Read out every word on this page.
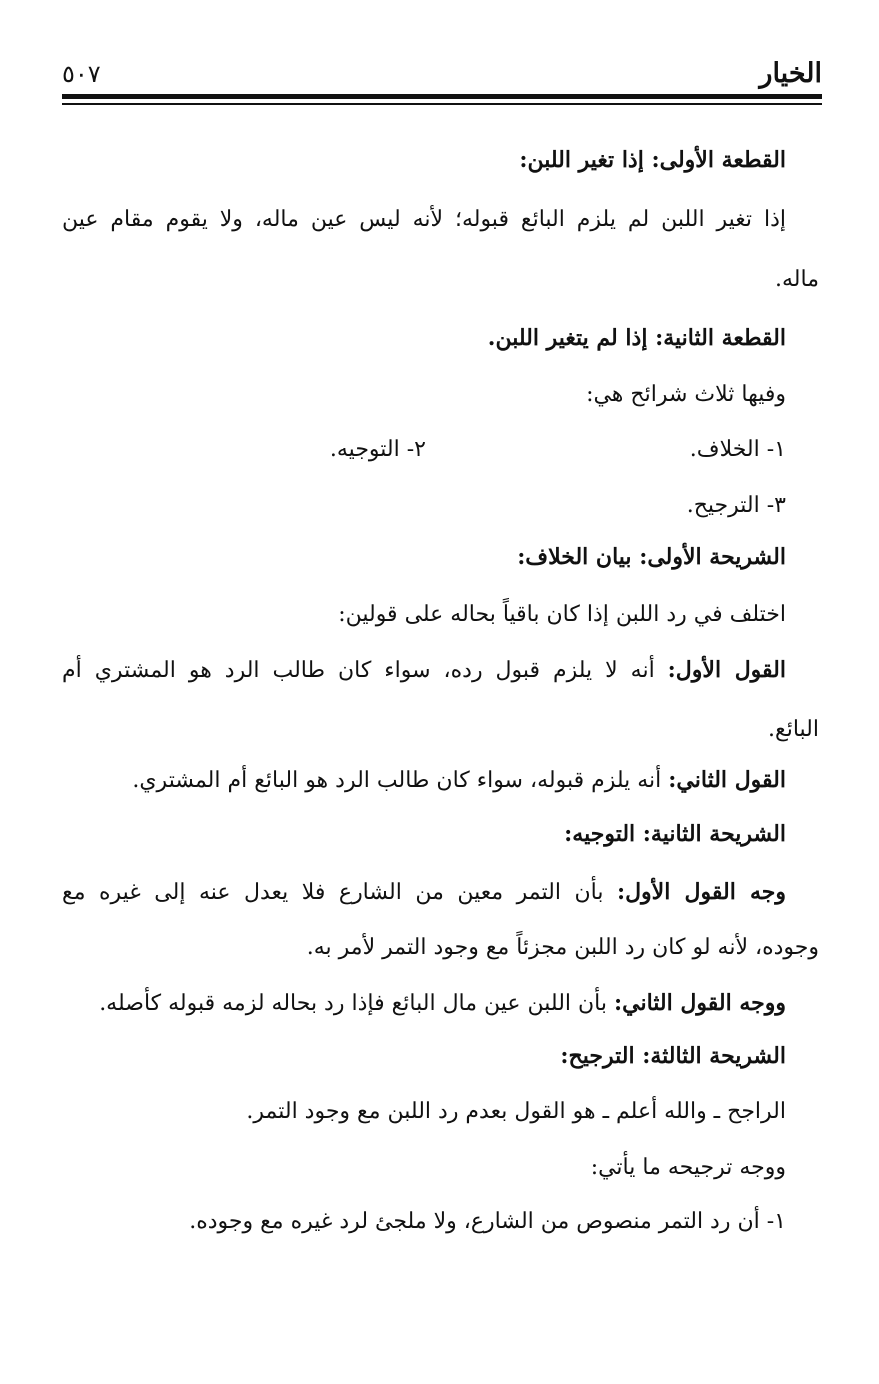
الخيار
٥٠٧
القطعة الأولى: إذا تغير اللبن:
إذا تغير اللبن لم يلزم البائع قبوله؛ لأنه ليس عين ماله، ولا يقوم مقام عين
ماله.
القطعة الثانية: إذا لم يتغير اللبن.
وفيها ثلاث شرائح هي:
١- الخلاف.
٢- التوجيه.
٣- الترجيح.
الشريحة الأولى: بيان الخلاف:
اختلف في رد اللبن إذا كان باقياً بحاله على قولين:
القول الأول: أنه لا يلزم قبول رده، سواء كان طالب الرد هو المشتري أم
البائع.
القول الثاني: أنه يلزم قبوله، سواء كان طالب الرد هو البائع أم المشتري.
الشريحة الثانية: التوجيه:
وجه القول الأول: بأن التمر معين من الشارع فلا يعدل عنه إلى غيره مع
وجوده، لأنه لو كان رد اللبن مجزئاً مع وجود التمر لأمر به.
ووجه القول الثاني: بأن اللبن عين مال البائع فإذا رد بحاله لزمه قبوله كأصله.
الشريحة الثالثة: الترجيح:
الراجح ـ والله أعلم ـ هو القول بعدم رد اللبن مع وجود التمر.
ووجه ترجيحه ما يأتي:
١- أن رد التمر منصوص من الشارع، ولا ملجئ لرد غيره مع وجوده.
